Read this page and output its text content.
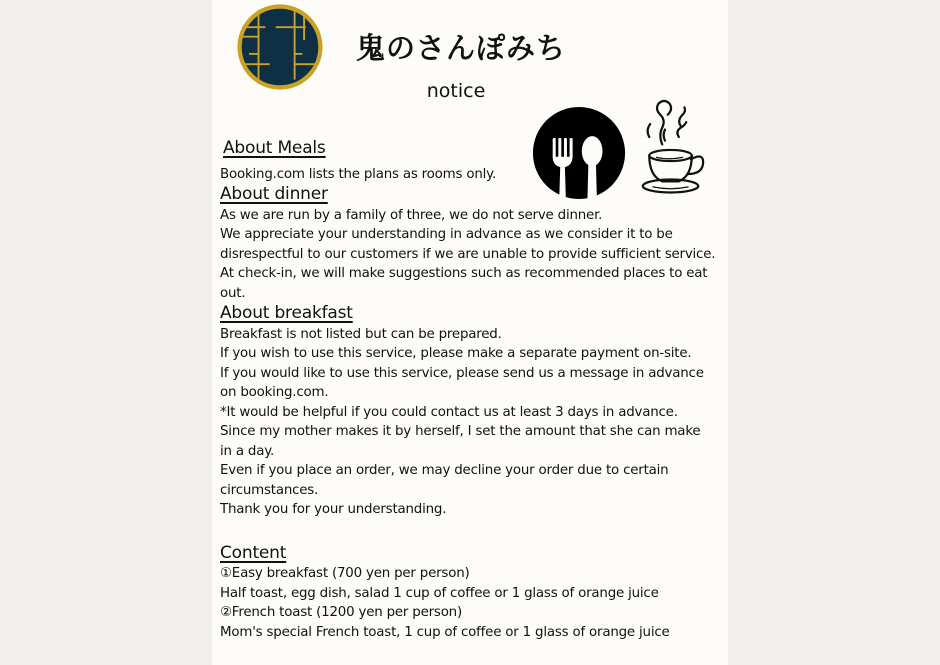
鬼のさんぽみち
notice
About Meals

Booking.com lists the plans as rooms only.

About dinner

As we are run by a family of three, we do not serve dinner.

We appreciate your understanding in advance as we consider it to be

disrespectful to our customers if we are unable to provide sufficient service.

At check-in, we will make suggestions such as recommended places to eat

out.

About breakfast

Breakfast is not listed but can be prepared.

If you wish to use this service, please make a separate payment on-site.

If you would like to use this service, please send us a message in advance

on booking.com.

*It would be helpful if you could contact us at least 3 days in advance.

Since my mother makes it by herself, I set the amount that she can make

in a day.

Even if you place an order, we may decline your order due to certain

circumstances.

Thank you for your understanding.

Content

①Easy breakfast (700 yen per person)

Half toast, egg dish, salad 1 cup of coffee or 1 glass of orange juice

②French toast (1200 yen per person)

Mom's special French toast, 1 cup of coffee or 1 glass of orange juice
